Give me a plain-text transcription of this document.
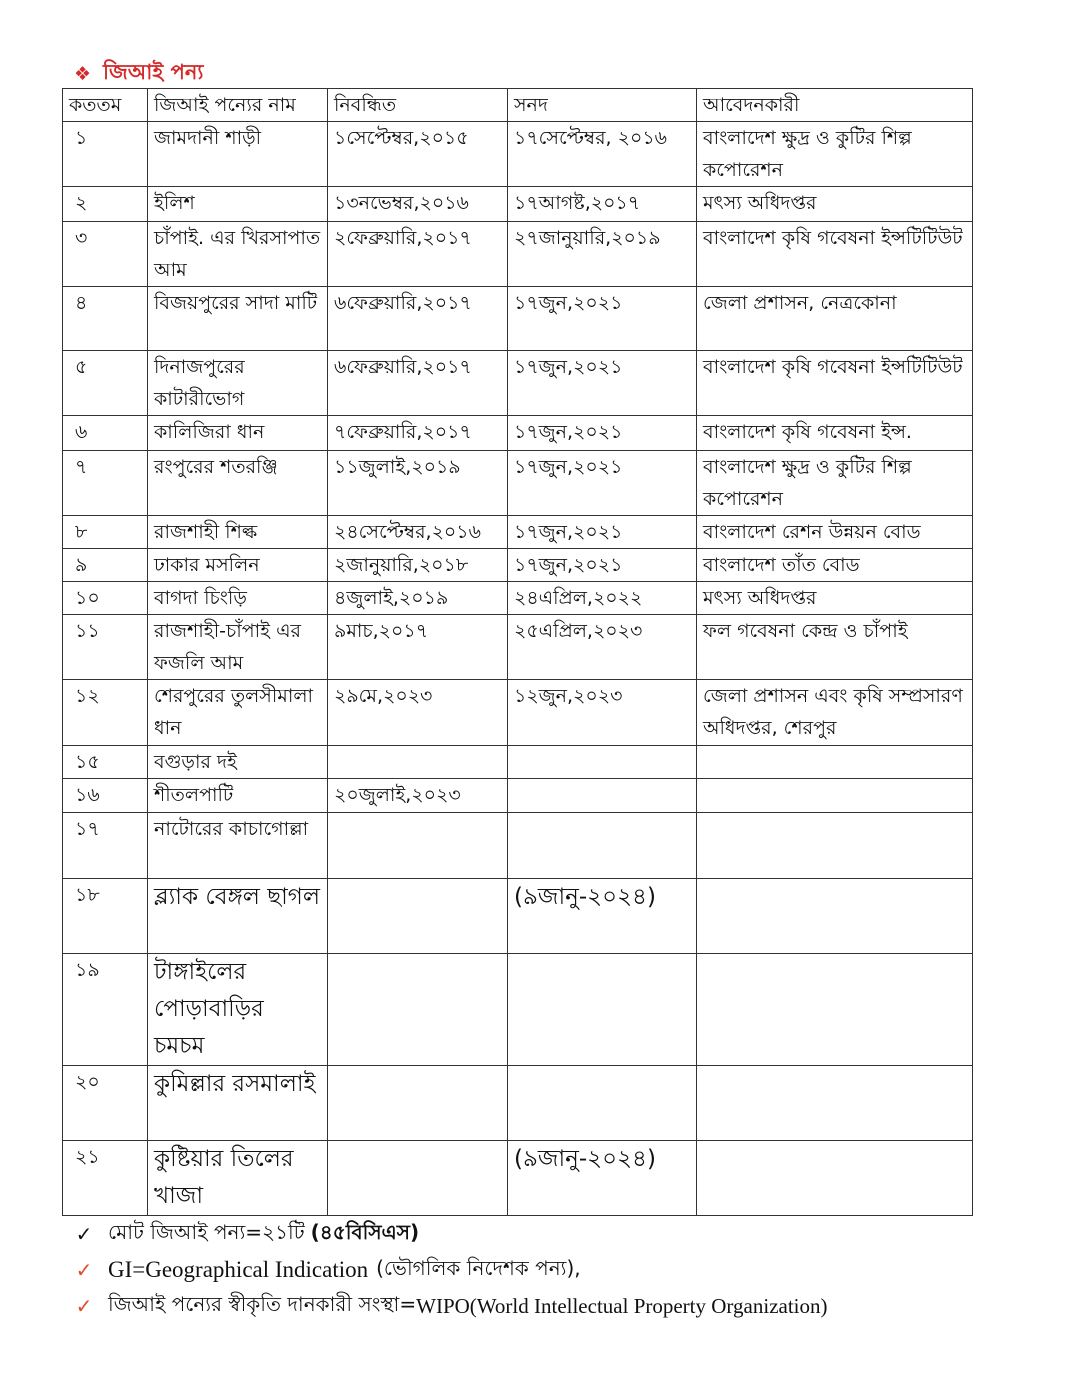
❖ জিআই পন্য
কততম	জিআই পন্যের নাম	নিবন্ধিত	সনদ	আবেদনকারী
১	জামদানী শাড়ী	১সেপ্টেম্বর,২০১৫	১৭সেপ্টেম্বর, ২০১৬	বাংলাদেশ ক্ষুদ্র ও কুটির শিল্প কপোরেশন
২	ইলিশ	১৩নভেম্বর,২০১৬	১৭আগষ্ট,২০১৭	মৎস্য অধিদপ্তর
৩	চাঁপাই. এর খিরসাপাত আম	২ফেব্রুয়ারি,২০১৭	২৭জানুয়ারি,২০১৯	বাংলাদেশ কৃষি গবেষনা ইন্সটিটিউট
৪	বিজয়পুরের সাদা মাটি	৬ফেব্রুয়ারি,২০১৭	১৭জুন,২০২১	জেলা প্রশাসন, নেত্রকোনা
৫	দিনাজপুরের কাটারীভোগ	৬ফেব্রুয়ারি,২০১৭	১৭জুন,২০২১	বাংলাদেশ কৃষি গবেষনা ইন্সটিটিউট
৬	কালিজিরা ধান	৭ফেব্রুয়ারি,২০১৭	১৭জুন,২০২১	বাংলাদেশ কৃষি গবেষনা ইন্স.
৭	রংপুরের শতরঞ্জি	১১জুলাই,২০১৯	১৭জুন,২০২১	বাংলাদেশ ক্ষুদ্র ও কুটির শিল্প কপোরেশন
৮	রাজশাহী শিল্ক	২৪সেপ্টেম্বর,২০১৬	১৭জুন,২০২১	বাংলাদেশ রেশন উন্নয়ন বোড
৯	ঢাকার মসলিন	২জানুয়ারি,২০১৮	১৭জুন,২০২১	বাংলাদেশ তাঁত বোড
১০	বাগদা চিংড়ি	৪জুলাই,২০১৯	২৪এপ্রিল,২০২২	মৎস্য অধিদপ্তর
১১	রাজশাহী-চাঁপাই এর ফজলি আম	৯মাচ,২০১৭	২৫এপ্রিল,২০২৩	ফল গবেষনা কেন্দ্র ও চাঁপাই
১২	শেরপুরের তুলসীমালা ধান	২৯মে,২০২৩	১২জুন,২০২৩	জেলা প্রশাসন এবং কৃষি সম্প্রসারণ অধিদপ্তর, শেরপুর
১৫	বগুড়ার দই			
১৬	শীতলপাটি	২০জুলাই,২০২৩		
১৭	নাটোরের কাচাগোল্লা			
১৮	ব্ল্যাক বেঙ্গল ছাগল		(৯জানু-২০২৪)	
১৯	টাঙ্গাইলের পোড়াবাড়ির চমচম			
২০	কুমিল্লার রসমালাই			
২১	কুষ্টিয়ার তিলের খাজা		(৯জানু-২০২৪)	
✓ মোট জিআই পন্য=২১টি (৪৫বিসিএস)
✓ GI=Geographical Indication (ভৌগলিক নিদেশক পন্য),
✓ জিআই পন্যের স্বীকৃতি দানকারী সংস্থা= WIPO(World Intellectual Property Organization)
